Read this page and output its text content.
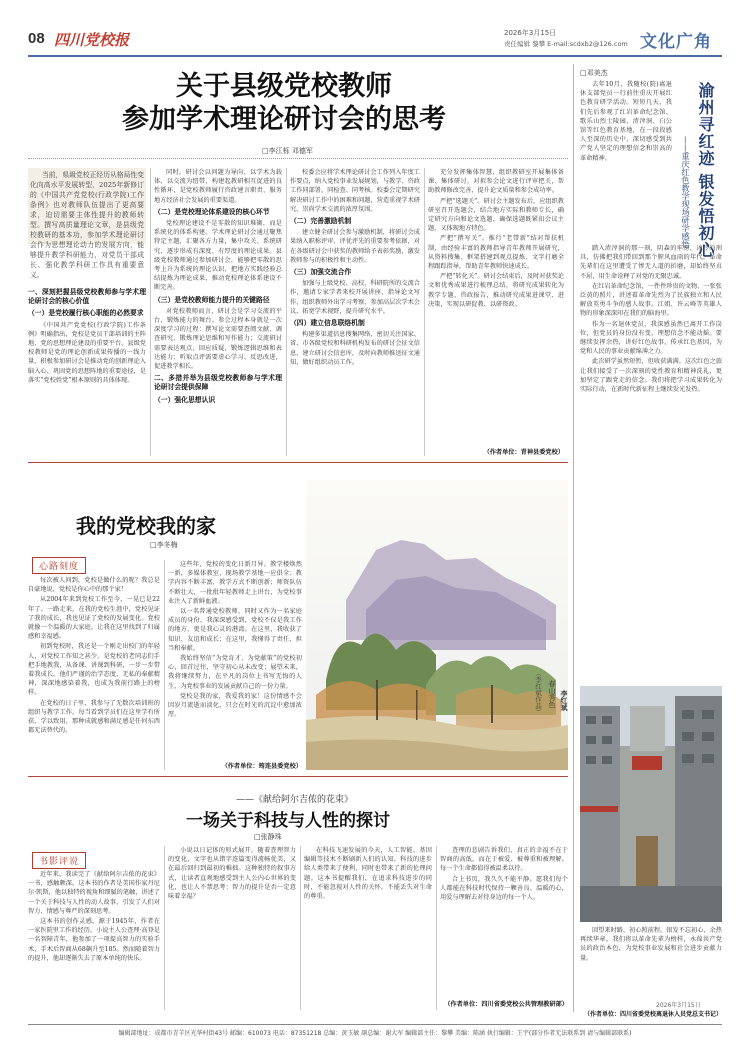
08 四川党校报	2026年3月15日
责任编辑 黎攀 E-mail:scdxb2@126.com 文化广角
关于县级党校教师
参加学术理论研讨会的思考
□李江栎 邓德军

当前，県級党校正经历从格局性变化向高水平发展转型，2025年新修订的《中国共产党党校(行政学院)工作条例》也对教师队伍提出了更高要求，迫切需要主体性提升的教师转型。撰写高质量理论文章，是县级党校教研的基本功，参加学术理论研讨会作为思想理论动力的发展方向，能够提升教学科研能力，对党员干部成长、强化教学科研工作具有重要意义。

一、深刻把握县级党校教师参与学术理论研讨会的核心价值
（一）是党校履行核心职能的必然要求

《中国共产党党校(行政学院)工作条例》明确指出，党校是党员干部培训的主阵地、党的思想理论建设的重要平台。县级党校教师是党的理论创新成果传播的一线力量，积极参加研讨会是推动党的创新理论入脑入心、巩固党的思想阵地的重要途径，是落实“党校姓党”根本原则的具体体现。

同时，研讨会以问题为导向、以学术为载体、以交流为纽带，构建起教研相互促进的良性循环，是党校教师履行咨政建言职责、服务地方经济社会发展的重要渠道。

（二）是党校理论体系建设的核心环节

党校理论建设不是零散的知识堆砌，而是系统化的体系构建。学术理论研讨会通过聚焦特定主题，汇聚各方力量，集中攻关、系统研究，逐步形成有深度、有厚度的理论成果。县级党校教师通过参加研讨会，能够把零散的思考上升为系统的理论认识，把地方实践经验总结提炼为理论成果，推动党校理论体系建设不断完善。

（三）是党校教师能力提升的关键路径

对党校教师而言，研讨会是学习交流的平台、锻炼能力的舞台。参会过程本身就是一次深度学习的过程：撰写论文需要查阅文献、调查研究，锻炼理论思维和写作能力；交流研讨需要表达观点、回应质疑，锻炼逻辑思维和表达能力；听取点评需要虚心学习、反思改进，促进教学相长。

二、多措并举为县级党校教师参与学术理论研讨会提供保障
（一）强化思想认识

校委会应将学术理论研讨会工作列入年度工作要点，纳入党校事业发展规划，与教学、咨政工作同部署、同检查、同考核。校委会定期研究解决研讨工作中的困难和问题，营造重视学术研究、崇尚学术交流的浓厚氛围。

（二）完善激励机制

建立健全研讨会参与激励机制，将研讨会成果纳入职称评审、评优评先的重要参考依据，对在各级研讨会中获奖的教师给予表彰奖励，激发教师参与的积极性和主动性。

（三）加强交流合作

加强与上级党校、高校、科研院所的交流合作，邀请专家学者来校开展讲座、指导论文写作，组织教师外出学习考察、参加高层次学术会议，拓宽学术视野，提升研究水平。

（四）建立信息联络机制

构建多渠道信息搜集网络，密切关注国家、省、市各级党校和科研机构发布的研讨会征文信息，建立研讨会信息库，及时向教师推送征文通知，做好组织动员工作。

充分发挥集体智慧，组织教研室开展集体备课、集体研讨，对拟参会论文进行评审把关，帮助教师修改完善，提升论文质量和参会成功率。

严把“选题关”。研讨会主题发布后，应组织教研室召开选题会，结合地方实际和教师专长，确定研究方向和论文选题，确保选题既紧扣会议主题，又体现地方特色。

严把“撰写关”。推行“老带新”结对帮扶机制，由经验丰富的教师指导青年教师开展研究，从资料搜集、框架搭建到观点提炼、文字打磨全程跟踪指导，帮助青年教师快速成长。

严把“转化关”。研讨会结束后，及时对获奖论文和优秀成果进行梳理总结，将研究成果转化为教学专题、咨政报告，推动研究成果进课堂、进决策，实现以研促教、以研资政。

（作者单位：青神县委党校）
我的党校我的家
□李冬梅
心路刻度

每次被人问到，党校是做什么的呢？我总是自豪地说，党校是你心中的那个家！

从2004年来到党校工作至今，一晃已是22年了。一路走来，在我的党校生涯中，党校见证了我的成长，我也见证了党校的发展变化。党校就像一个温暖的大家庭，让我在这里找到了归属感和幸福感。

初到党校时，我还是一个刚走出校门的年轻人，对党校工作知之甚少。是党校的老同志们手把手地教我，从备课、讲课到科研，一步一步带着我成长。他们严谨的治学态度、无私的奉献精神，深深地感染着我，也成为我前行路上的榜样。

在党校的日子里，我参与了无数次培训班的组织与教学工作，每当看到学员们在这里学有所获、学以致用，那种成就感和满足感是任何东西都无法替代的。

这些年，党校的变化日新月异。教学楼焕然一新，多媒体教室、现场教学基地一应俱全；教学内容不断丰富，教学方式不断创新；师资队伍不断壮大，一批批年轻教师走上讲台，为党校事业注入了新鲜血液。

以一名普通党校教师、同时又作为一名家庭成员的身份，我深深感受到，党校不仅是我工作的地方，更是我心灵的港湾。在这里，我收获了知识、友谊和成长；在这里，我懂得了责任、担当和奉献。

我始终坚信“为党育才、为党献策”的党校初心，回首过往，坚守初心从未改变；展望未来，我将继续努力，在平凡的岗位上书写无悔的人生，为党校事业的发展贡献自己的一份力量。

党校是我的家，我爱我的家！这份情感不会因岁月流逝而淡化，只会在时光的沉淀中愈加浓厚。

（作者单位：筠连县委党校）
（李红斌作品） 春山秀色 李红斌
——《献给阿尔吉侬的花束》
一场关于科技与人性的探讨
□张静珠
书影评说

近年来，我读完了《献给阿尔吉侬的花束》一书，感触颇深。这本书的作者是美国作家丹尼尔·凯斯，他以独特的视角和细腻的笔触，讲述了一个关于科技与人性的动人故事，引发了人们对智力、情感与尊严的深刻思考。

这本书的创作灵感，源于1945年，作者在一家医院里工作的经历。小说主人公查理·高登是一名智障青年，他参加了一项提高智力的实验手术，手术后智商从68飙升至185。然而随着智力的提升，他却逐渐失去了原本单纯的快乐。

小说以日记体的形式展开，随着查理智力的变化，文字也从错字连篇变得流畅优美，又在最后回归到最初的稚拙。这种独特的叙事方式，让读者直观地感受到主人公内心世界的变化，也让人不禁思考：智力的提升是否一定意味着幸福？

在科技飞速发展的今天，人工智能、基因编辑等技术不断刷新人们的认知。科技的进步给人类带来了便利，同时也带来了新的伦理问题。这本书提醒我们，在追求科技进步的同时，不能忽视对人性的关怀，不能丢失对生命的尊重。

查理的悲剧告诉我们，真正的幸福不在于智商的高低，而在于被爱、被尊重和被理解。每一个生命都值得被温柔以待。

合上书页，我久久不能平静。愿我们每个人都能在科技时代保持一颗善良、温暖的心，用爱与理解去对待身边的每一个人。

（作者单位：四川省委党校公共管理教研部）
□邓美杰

去年10月，我随校(院)离退休支部党员一行前往重庆开展红色教育研学活动。短短几天，我们先后参观了红岩革命纪念馆、歌乐山烈士陵园、渣滓洞、白公馆等红色教育基地，在一段段感人至深的历史中，深切感受到共产党人坚定的理想信念和崇高的革命精神。	渝州寻红迹 银发悟初心
——重庆红色教学现场研学感悟

踏入渣滓洞的那一刻，阴森的牢房、冰冷的刑具，仿佛把我们带回到那个腥风血雨的年代。革命先辈们在这里遭受了惨无人道的折磨，却始终坚贞不屈，用生命诠释了对党的无限忠诚。

在红岩革命纪念馆，一件件珍贵的文物、一张张泛黄的照片，讲述着革命先烈为了民族独立和人民解放英勇斗争的感人故事。江姐、许云峰等英雄人物的形象深深印在我们的脑海里。

作为一名退休党员，我深感虽然已离开工作岗位，但党员的身份没有变，理想信念不能动摇。要继续发挥余热，讲好红色故事，传承红色基因，为党和人民的事业贡献绵薄之力。

此次研学虽然短暂，但收获满满。这次红色之旅让我们接受了一次深刻的党性教育和精神洗礼，更加坚定了跟党走的信念。我们将把学习成果转化为实际行动，在新时代新征程上继续发光发热。

回望来时路，初心照前程。银发不忘初心，余热再续华章。我们将以革命先辈为榜样，永葆共产党员的政治本色，为党校事业发展和社会进步贡献力量。

2026年3月15日
（作者单位：四川省委党校离退休人员党总支书记）
编辑部地址：成都市青羊区光华村街43号 邮编：610073 电话：87351218 总编：黄玉敏 副总编：谢大军 编辑部主任：黎攀 美编：陈涵 执行编辑：王宇(部分作者无法联系到 请与编辑部联系)
